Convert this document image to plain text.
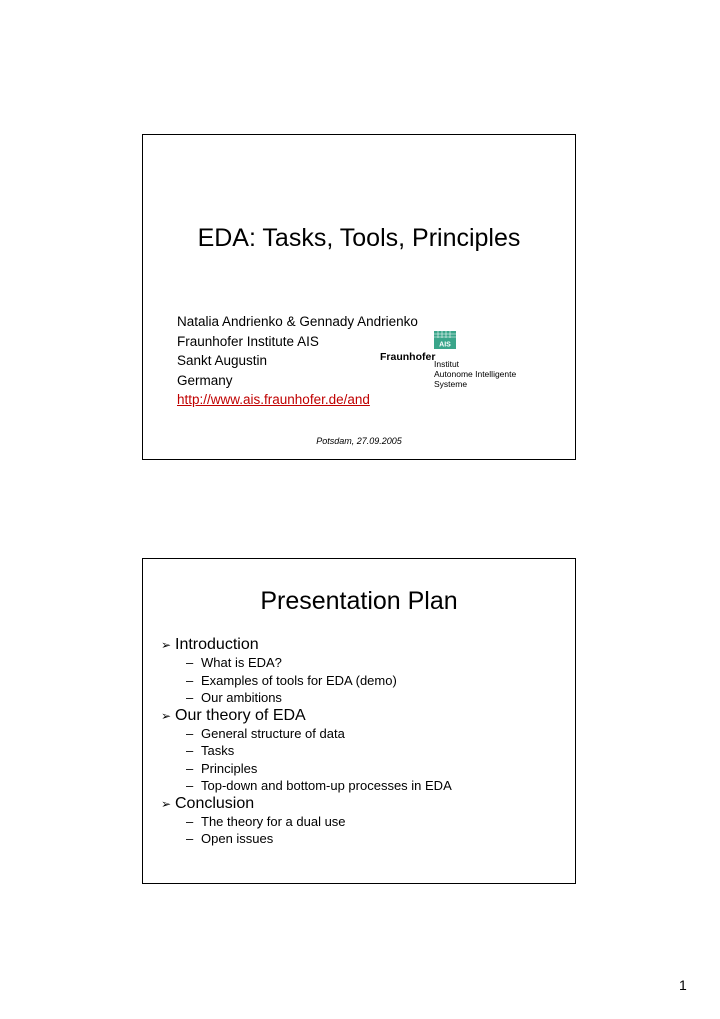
EDA: Tasks, Tools, Principles
Natalia Andrienko & Gennady Andrienko
Fraunhofer Institute AIS
Sankt Augustin
Germany
http://www.ais.fraunhofer.de/and
AIS
Fraunhofer
Institut
Autonome Intelligente
Systeme
Potsdam, 27.09.2005
Presentation Plan
➢ Introduction
– What is EDA?
– Examples of tools for EDA (demo)
– Our ambitions
➢ Our theory of EDA
– General structure of data
– Tasks
– Principles
– Top-down and bottom-up processes in EDA
➢ Conclusion
– The theory for a dual use
– Open issues
1
